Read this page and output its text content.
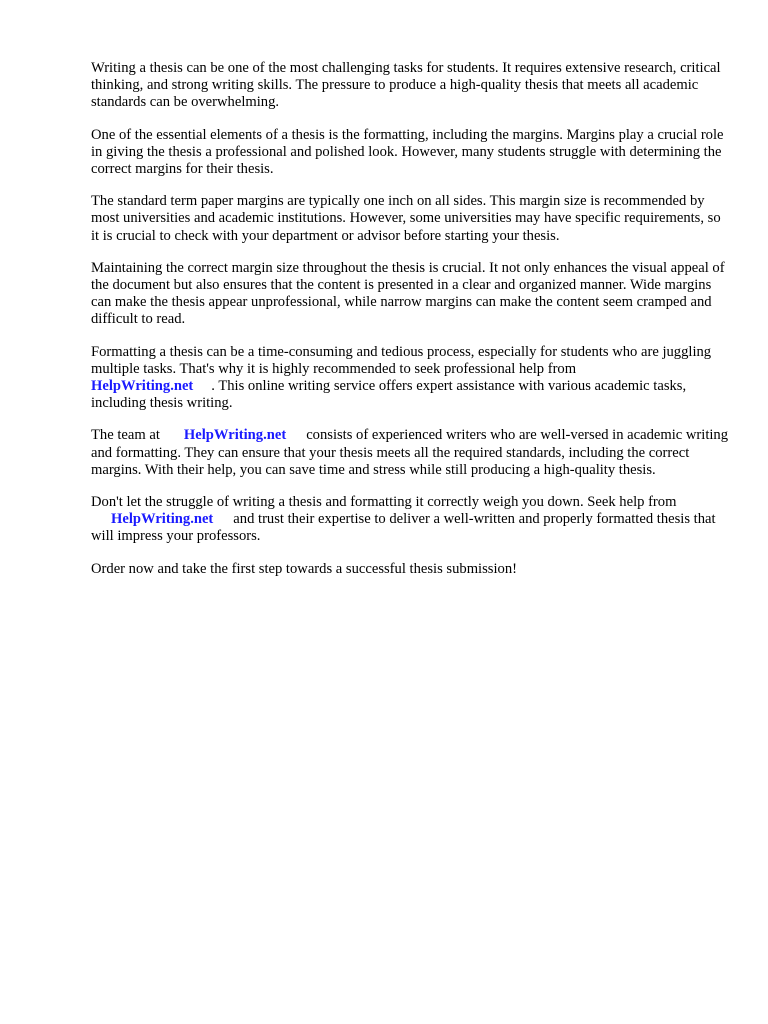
Writing a thesis can be one of the most challenging tasks for students. It requires extensive research, critical thinking, and strong writing skills. The pressure to produce a high-quality thesis that meets all academic standards can be overwhelming.

One of the essential elements of a thesis is the formatting, including the margins. Margins play a crucial role in giving the thesis a professional and polished look. However, many students struggle with determining the correct margins for their thesis.

The standard term paper margins are typically one inch on all sides. This margin size is recommended by most universities and academic institutions. However, some universities may have specific requirements, so it is crucial to check with your department or advisor before starting your thesis.

Maintaining the correct margin size throughout the thesis is crucial. It not only enhances the visual appeal of the document but also ensures that the content is presented in a clear and organized manner. Wide margins can make the thesis appear unprofessional, while narrow margins can make the content seem cramped and difficult to read.

Formatting a thesis can be a time-consuming and tedious process, especially for students who are juggling multiple tasks. That's why it is highly recommended to seek professional help from
HelpWriting.net . This online writing service offers expert assistance with various academic tasks, including thesis writing.

The team at HelpWriting.net consists of experienced writers who are well-versed in academic writing and formatting. They can ensure that your thesis meets all the required standards, including the correct margins. With their help, you can save time and stress while still producing a high-quality thesis.

Don't let the struggle of writing a thesis and formatting it correctly weigh you down. Seek help from
HelpWriting.net and trust their expertise to deliver a well-written and properly formatted thesis that will impress your professors.

Order now and take the first step towards a successful thesis submission!
